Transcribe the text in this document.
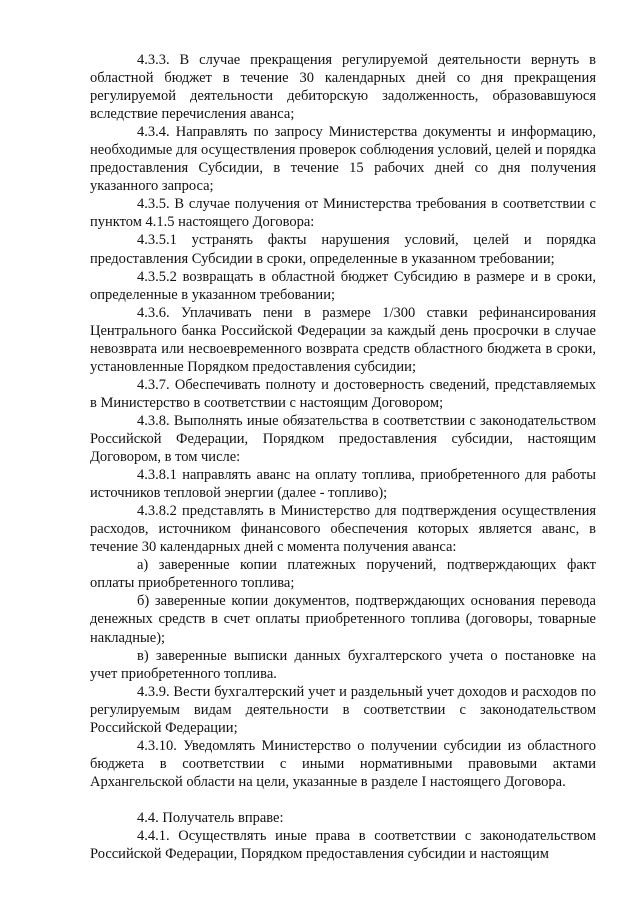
4.3.3. В случае прекращения регулируемой деятельности вернуть в областной бюджет в течение 30 календарных дней со дня прекращения регулируемой деятельности дебиторскую задолженность, образовавшуюся вследствие перечисления аванса;

4.3.4. Направлять по запросу Министерства документы и информацию, необходимые для осуществления проверок соблюдения условий, целей и порядка предоставления Субсидии, в течение 15 рабочих дней со дня получения указанного запроса;

4.3.5. В случае получения от Министерства требования в соответствии с пунктом 4.1.5 настоящего Договора:

4.3.5.1 устранять факты нарушения условий, целей и порядка предоставления Субсидии в сроки, определенные в указанном требовании;

4.3.5.2 возвращать в областной бюджет Субсидию в размере и в сроки, определенные в указанном требовании;

4.3.6. Уплачивать пени в размере 1/300 ставки рефинансирования Центрального банка Российской Федерации за каждый день просрочки в случае невозврата или несвоевременного возврата средств областного бюджета в сроки, установленные Порядком предоставления субсидии;

4.3.7. Обеспечивать полноту и достоверность сведений, представляемых в Министерство в соответствии с настоящим Договором;

4.3.8. Выполнять иные обязательства в соответствии с законодательством Российской Федерации, Порядком предоставления субсидии, настоящим Договором, в том числе:

4.3.8.1 направлять аванс на оплату топлива, приобретенного для работы источников тепловой энергии (далее - топливо);

4.3.8.2 представлять в Министерство для подтверждения осуществления расходов, источником финансового обеспечения которых является аванс, в течение 30 календарных дней с момента получения аванса:

а) заверенные копии платежных поручений, подтверждающих факт оплаты приобретенного топлива;

б) заверенные копии документов, подтверждающих основания перевода денежных средств в счет оплаты приобретенного топлива (договоры, товарные накладные);

в) заверенные выписки данных бухгалтерского учета о постановке на учет приобретенного топлива.

4.3.9. Вести бухгалтерский учет и раздельный учет доходов и расходов по регулируемым видам деятельности в соответствии с законодательством Российской Федерации;

4.3.10. Уведомлять Министерство о получении субсидии из областного бюджета в соответствии с иными нормативными правовыми актами Архангельской области на цели, указанные в разделе I настоящего Договора.

4.4. Получатель вправе:

4.4.1. Осуществлять иные права в соответствии с законодательством Российской Федерации, Порядком предоставления субсидии и настоящим
